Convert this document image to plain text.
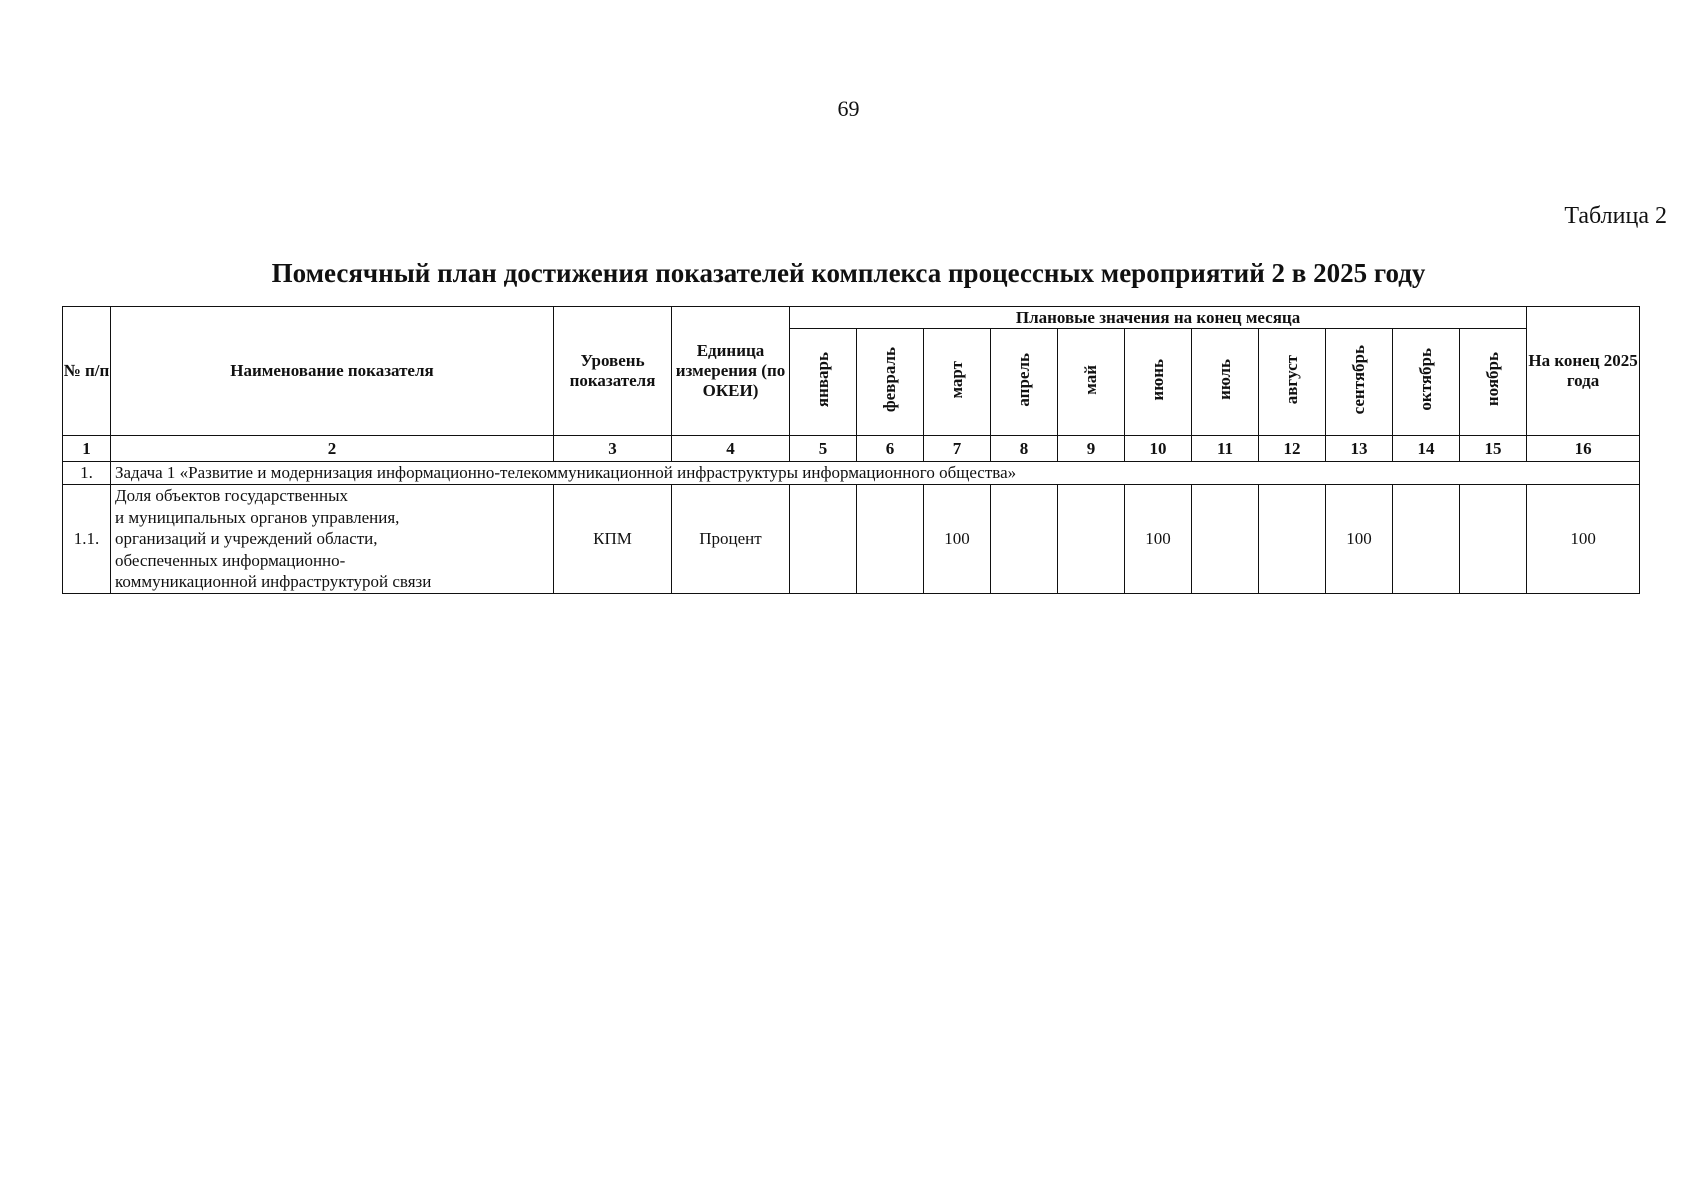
69
Таблица 2
Помесячный план достижения показателей комплекса процессных мероприятий 2 в 2025 году
№ п/п	Наименование показателя	Уровень показателя	Единица измерения (по ОКЕИ)	Плановые значения на конец месяца											На конец 2025 года
				январь	февраль	март	апрель	май	июнь	июль	август	сентябрь	октябрь	ноябрь	
1	2	3	4	5	6	7	8	9	10	11	12	13	14	15	16
1.	Задача 1 «Развитие и модернизация информационно-телекоммуникационной инфраструктуры информационного общества»														
1.1.	Доля объектов государственных
и муниципальных органов управления,
организаций и учреждений области,
обеспеченных информационно-
коммуникационной инфраструктурой связи	КПМ	Процент			100			100			100			100
